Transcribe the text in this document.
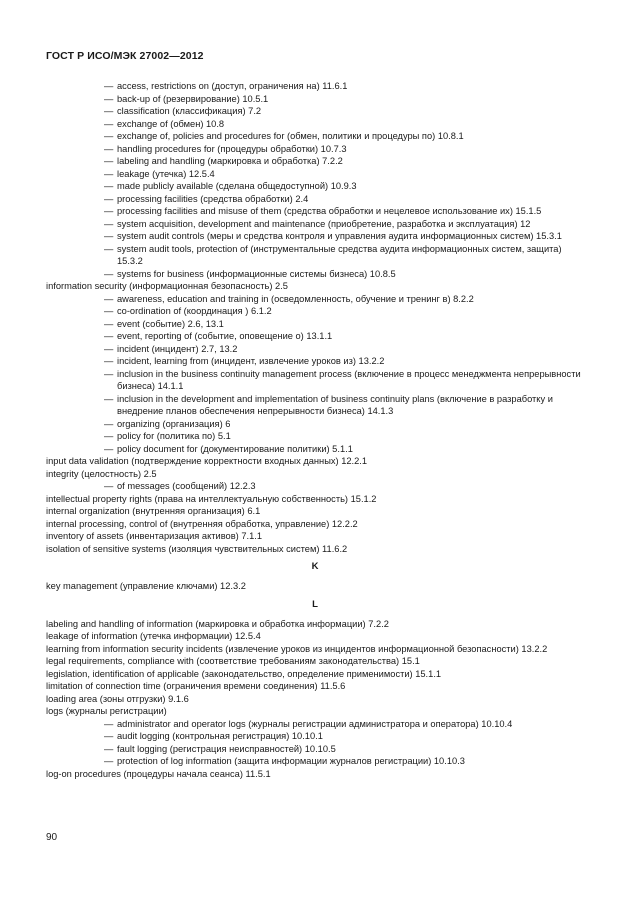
ГОСТ Р ИСО/МЭК 27002—2012
— access, restrictions on (доступ, ограничения на) 11.6.1
— back-up of (резервирование) 10.5.1
— classification (классификация) 7.2
— exchange of (обмен) 10.8
— exchange of, policies and procedures for (обмен, политики и процедуры по) 10.8.1
— handling procedures for (процедуры обработки) 10.7.3
— labeling and handling (маркировка и обработка) 7.2.2
— leakage (утечка) 12.5.4
— made publicly available (сделана общедоступной) 10.9.3
— processing facilities (средства обработки) 2.4
— processing facilities and misuse of them (средства обработки и нецелевое использование их) 15.1.5
— system acquisition, development and maintenance (приобретение, разработка и эксплуатация) 12
— system audit controls (меры и средства контроля и управления аудита информационных систем) 15.3.1
— system audit tools, protection of (инструментальные средства аудита информационных систем, защита) 15.3.2
— systems for business (информационные системы бизнеса) 10.8.5
information security (информационная безопасность) 2.5
— awareness, education and training in (осведомленность, обучение и тренинг в) 8.2.2
— co-ordination of (координация ) 6.1.2
— event (событие) 2.6, 13.1
— event, reporting of (событие, оповещение о) 13.1.1
— incident (инцидент) 2.7, 13.2
— incident, learning from (инцидент, извлечение уроков из) 13.2.2
— inclusion in the business continuity management process (включение в процесс менеджмента непрерывности бизнеса) 14.1.1
— inclusion in the development and implementation of business continuity plans (включение в разработку и внедрение планов обеспечения непрерывности бизнеса) 14.1.3
— organizing (организация) 6
— policy for (политика по) 5.1
— policy document for (документирование политики) 5.1.1
input data validation (подтверждение корректности входных данных) 12.2.1
integrity (целостность) 2.5
— of messages (сообщений) 12.2.3
intellectual property rights (права на интеллектуальную собственность) 15.1.2
internal organization (внутренняя организация) 6.1
internal processing, control of (внутренняя обработка, управление) 12.2.2
inventory of assets (инвентаризация активов) 7.1.1
isolation of sensitive systems (изоляция чувствительных систем) 11.6.2
K
key management (управление ключами) 12.3.2
L
labeling and handling of information (маркировка и обработка информации) 7.2.2
leakage of information (утечка информации) 12.5.4
learning from information security incidents (извлечение уроков из инцидентов информационной безопасности) 13.2.2
legal requirements, compliance with (соответствие требованиям законодательства) 15.1
legislation, identification of applicable (законодательство, определение применимости) 15.1.1
limitation of connection time (ограничения времени соединения) 11.5.6
loading area (зоны отгрузки) 9.1.6
logs (журналы регистрации)
— administrator and operator logs (журналы регистрации администратора и оператора) 10.10.4
— audit logging (контрольная регистрация) 10.10.1
— fault logging (регистрация неисправностей) 10.10.5
— protection of log information (защита информации журналов регистрации) 10.10.3
log-on procedures (процедуры начала сеанса) 11.5.1
90
